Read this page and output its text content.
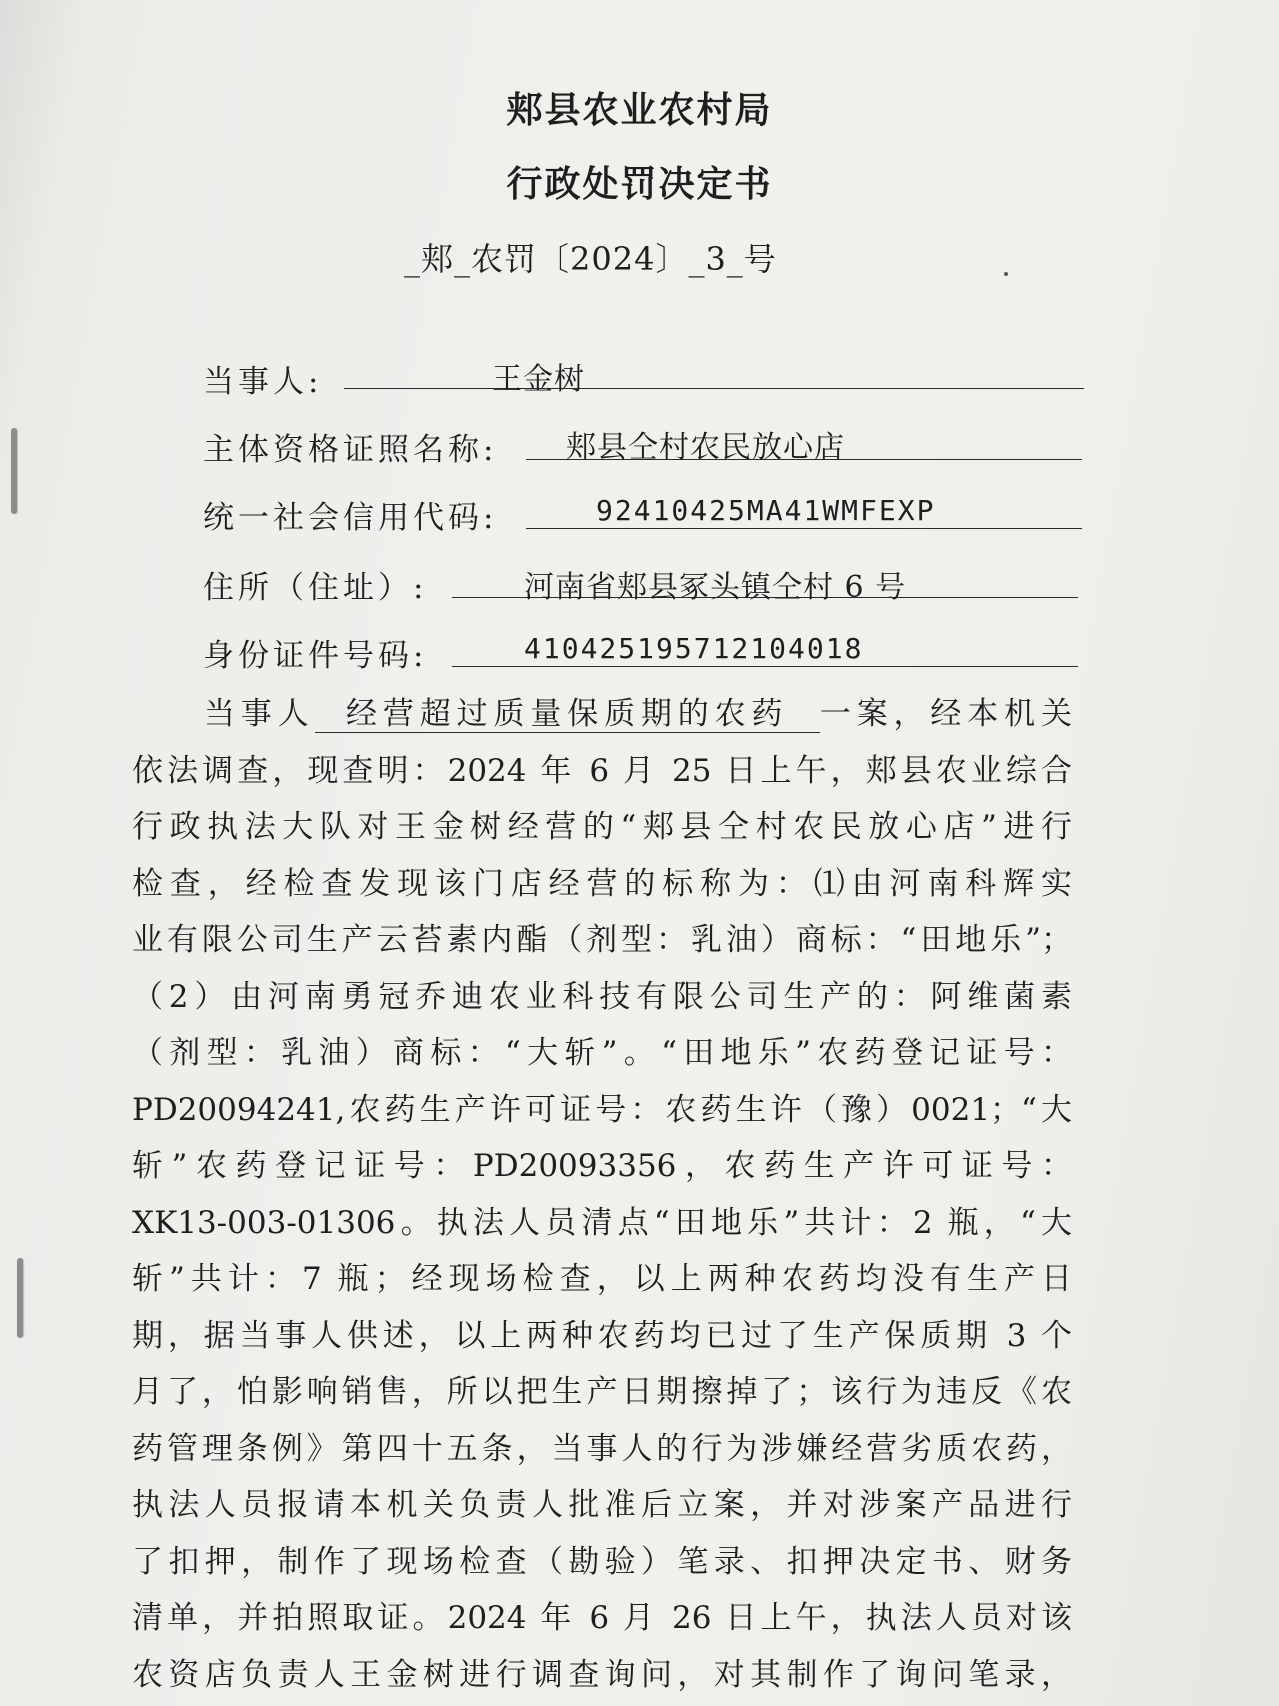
郏县农业农村局
行政处罚决定书
_郏_农罚〔2024〕_3_号
当事人:	王金树
主体资格证照名称: 郏县仝村农民放心店
统一社会信用代码:	92410425MA41WMFEXP
住所（住址）:	河南省郏县冢头镇仝村 6 号
身份证件号码:	410425195712104018
当事人 经营超过质量保质期的农药 一案，经本机关
依法调查，现查明：2024 年 6 月 25 日上午，郏县农业综合
行政执法大队对王金树经营的“郏县仝村农民放心店”进行
检查，经检查发现该门店经营的标称为：⑴由河南科辉实
业有限公司生产云苔素内酯（剂型：乳油）商标：“田地乐”；
（2）由河南勇冠乔迪农业科技有限公司生产的：阿维菌素
（剂型：乳油）商标：“大斩”。“田地乐”农药登记证号：
PD20094241,农药生产许可证号：农药生许（豫）0021；“大
斩”农药登记证号：PD20093356，农药生产许可证号：
XK13-003-01306。执法人员清点“田地乐”共计：2 瓶，“大
斩”共计：7 瓶；经现场检查，以上两种农药均没有生产日
期，据当事人供述，以上两种农药均已过了生产保质期 3 个
月了，怕影响销售，所以把生产日期擦掉了；该行为违反《农
药管理条例》第四十五条，当事人的行为涉嫌经营劣质农药，
执法人员报请本机关负责人批准后立案，并对涉案产品进行
了扣押，制作了现场检查（勘验）笔录、扣押决定书、财务
清单，并拍照取证。2024 年 6 月 26 日上午，执法人员对该
农资店负责人王金树进行调查询问，对其制作了询问笔录，
